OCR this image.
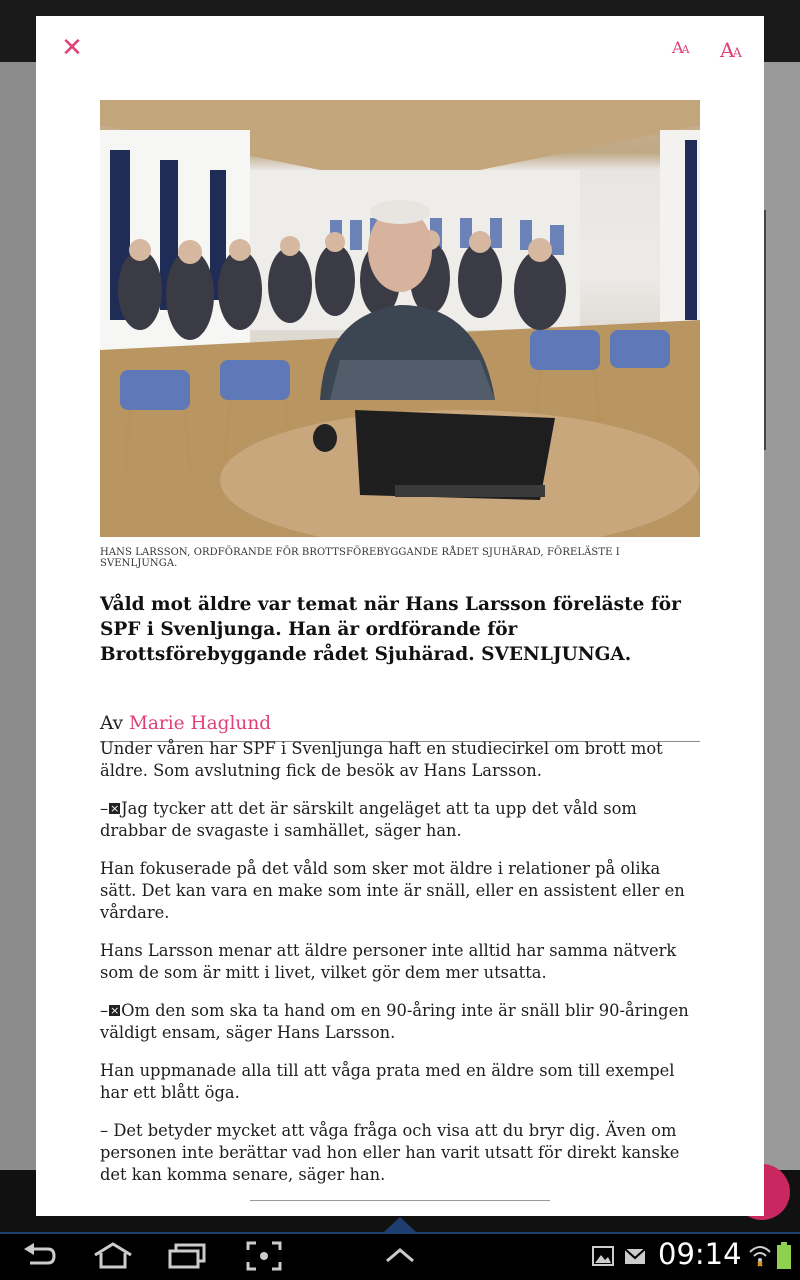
✕	AA AA
HANS LARSSON, ORDFÖRANDE FÖR BROTTSFÖREBYGGANDE RÅDET SJUHÄRAD, FÖRELÄSTE I SVENLJUNGA.
Våld mot äldre var temat när Hans Larsson föreläste för SPF i Svenljunga. Han är ordförande för Brottsförebyggande rådet Sjuhärad. SVENLJUNGA.
Av Marie Haglund

Under våren har SPF i Svenljunga haft en studiecirkel om brott mot äldre. Som avslutning fick de besök av Hans Larsson.

– × Jag tycker att det är särskilt angeläget att ta upp det våld som drabbar de svagaste i samhället, säger han.

Han fokuserade på det våld som sker mot äldre i relationer på olika sätt. Det kan vara en make som inte är snäll, eller en assistent eller en vårdare.

Hans Larsson menar att äldre personer inte alltid har samma nätverk som de som är mitt i livet, vilket gör dem mer utsatta.

– × Om den som ska ta hand om en 90-åring inte är snäll blir 90-åringen väldigt ensam, säger Hans Larsson.

Han uppmanade alla till att våga prata med en äldre som till exempel har ett blått öga.

– Det betyder mycket att våga fråga och visa att du bryr dig. Även om personen inte berättar vad hon eller han varit utsatt för direkt kanske det kan komma senare, säger han.

09:14
